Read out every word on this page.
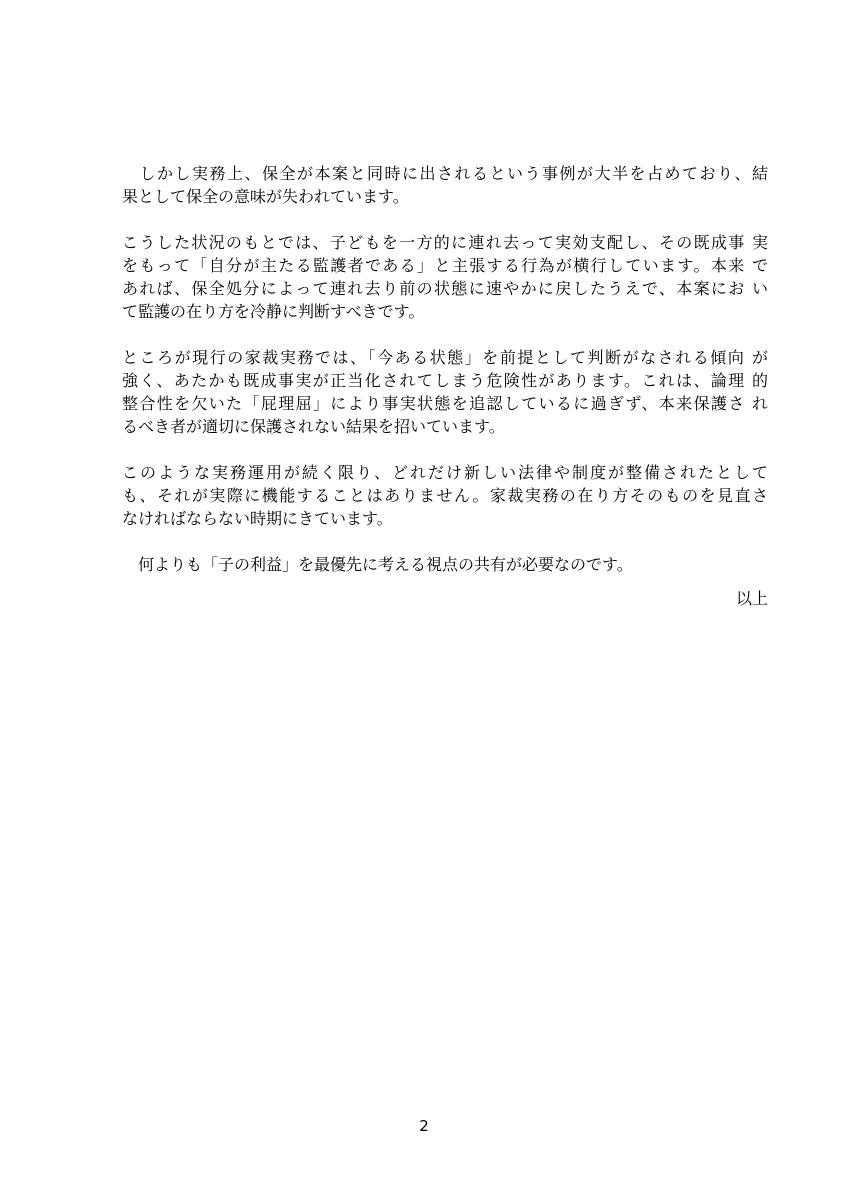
　しかし実務上、保全が本案と同時に出されるという事例が大半を占めており、結
果として保全の意味が失われています。
こうした状況のもとでは、子どもを一方的に連れ去って実効支配し、その既成事 実
をもって「自分が主たる監護者である」と主張する行為が横行しています。本来 で
あれば、保全処分によって連れ去り前の状態に速やかに戻したうえで、本案にお い
て監護の在り方を冷静に判断すべきです。
ところが現行の家裁実務では、「今ある状態」を前提として判断がなされる傾向 が
強く、あたかも既成事実が正当化されてしまう危険性があります。これは、論理 的
整合性を欠いた「屁理屈」により事実状態を追認しているに過ぎず、本来保護さ れ
るべき者が適切に保護されない結果を招いています。
このような実務運用が続く限り、どれだけ新しい法律や制度が整備されたとして
も、それが実際に機能することはありません。家裁実務の在り方そのものを見直さ
なければならない時期にきています。
　何よりも「子の利益」を最優先に考える視点の共有が必要なのです。
以上
2
